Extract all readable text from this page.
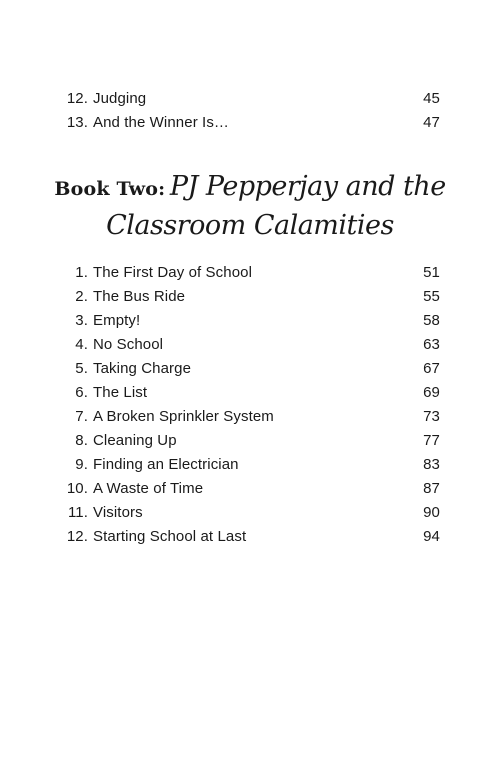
12 . Judging	45
13 . And the Winner Is…	47
Book Two: PJ Pepperjay and the
Classroom Calamities
1 . The First Day of School	51
2 . The Bus Ride	55
3 . Empty!	58
4 . No School	63
5 . Taking Charge	67
6 . The List	69
7 . A Broken Sprinkler System	73
8 . Cleaning Up	77
9 . Finding an Electrician	83
10 . A Waste of Time	87
11 . Visitors	90
12 . Starting School at Last	94
